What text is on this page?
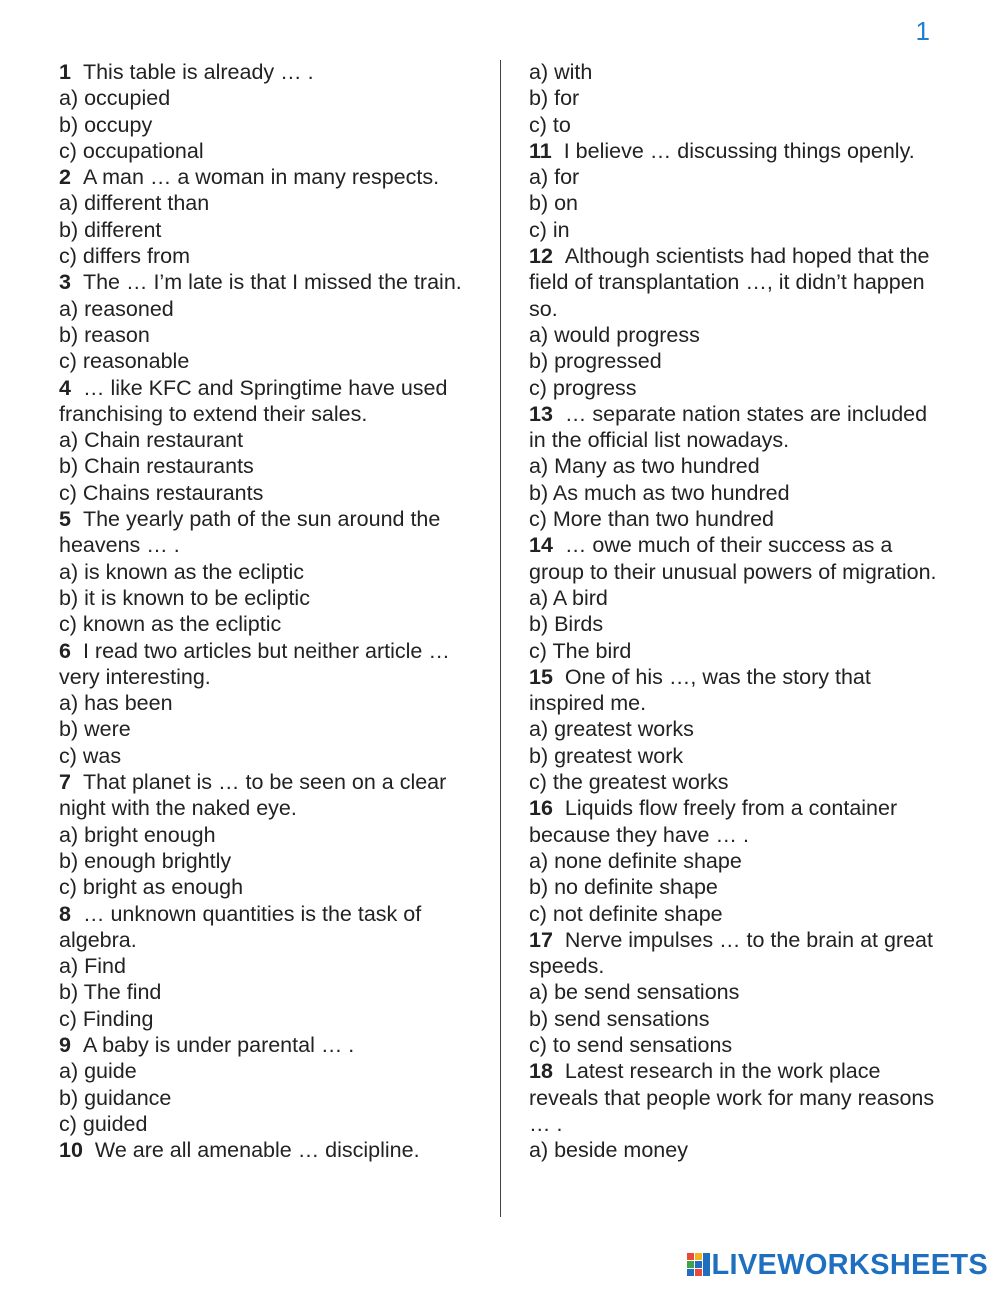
1
1 This table is already … .
a) occupied
b) occupy
c) occupational
2 A man … a woman in many respects.
a) different than
b) different
c) differs from
3 The … I’m late is that I missed the train.
a) reasoned
b) reason
c) reasonable
4 … like KFC and Springtime have used franchising to extend their sales.
a) Chain restaurant
b) Chain restaurants
c) Chains restaurants
5 The yearly path of the sun around the heavens … .
a) is known as the ecliptic
b) it is known to be ecliptic
c) known as the ecliptic
6 I read two articles but neither article … very interesting.
a) has been
b) were
c) was
7 That planet is … to be seen on a clear night with the naked eye.
a) bright enough
b) enough brightly
c) bright as enough
8 … unknown quantities is the task of algebra.
a) Find
b) The find
c) Finding
9 A baby is under parental … .
a) guide
b) guidance
c) guided
10 We are all amenable … discipline.
a) with
b) for
c) to
11 I believe … discussing things openly.
a) for
b) on
c) in
12 Although scientists had hoped that the field of transplantation …, it didn’t happen so.
a) would progress
b) progressed
c) progress
13 … separate nation states are included in the official list nowadays.
a) Many as two hundred
b) As much as two hundred
c) More than two hundred
14 … owe much of their success as a group to their unusual powers of migration.
a) A bird
b) Birds
c) The bird
15 One of his …, was the story that inspired me.
a) greatest works
b) greatest work
c) the greatest works
16 Liquids flow freely from a container because they have … .
a) none definite shape
b) no definite shape
c) not definite shape
17 Nerve impulses … to the brain at great speeds.
a) be send sensations
b) send sensations
c) to send sensations
18 Latest research in the work place reveals that people work for many reasons … .
a) beside money
LIVEWORKSHEETS
